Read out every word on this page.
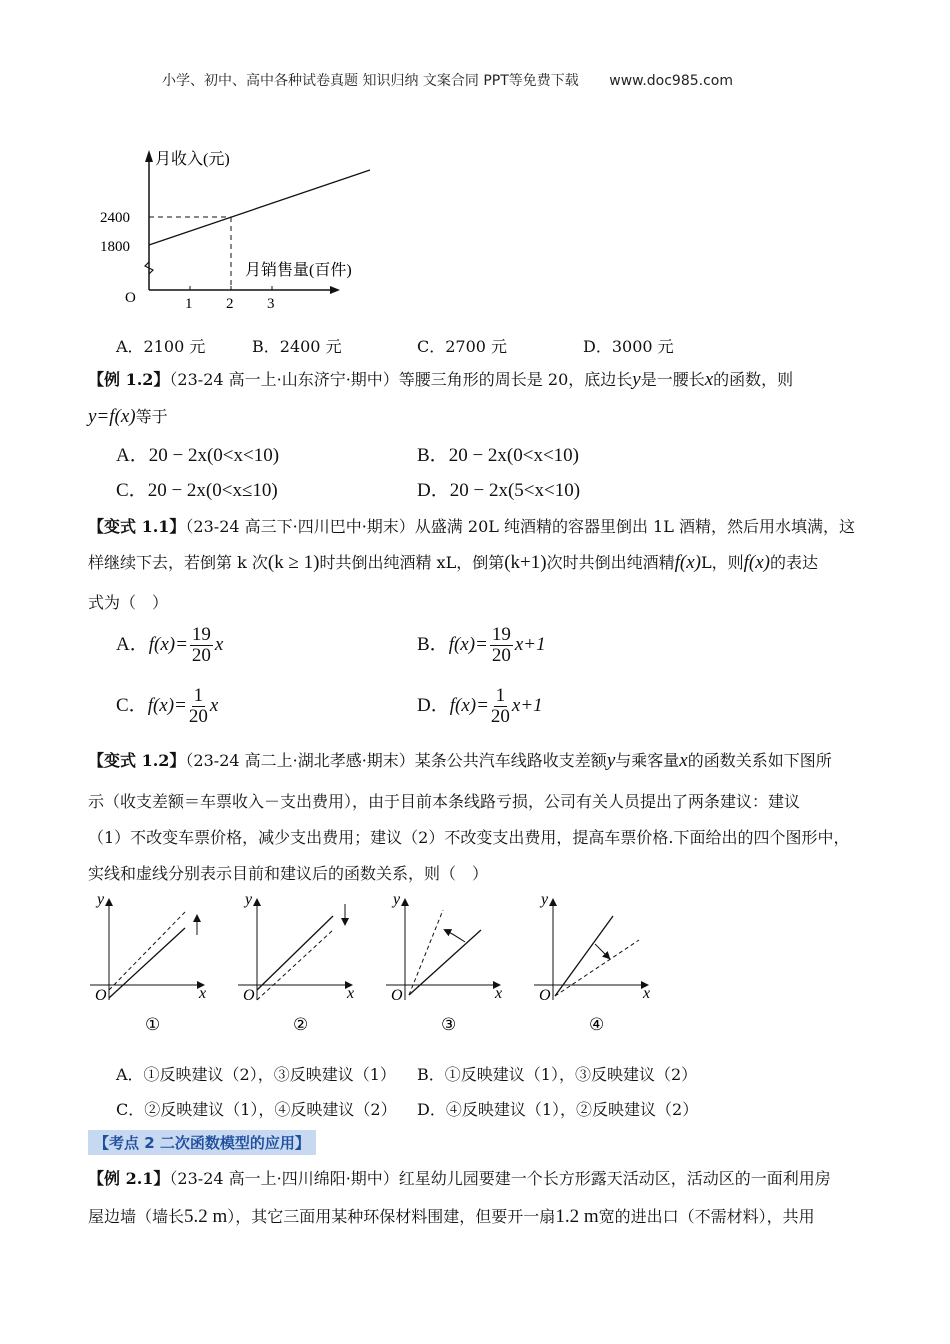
小学、初中、高中各种试卷真题 知识归纳 文案合同 PPT等免费下载 www.doc985.com
月收入(元)
月销售量(百件)
2400
1800
O	1 2 3
A．2100 元	B．2400 元	C．2700 元	D．3000 元
【例 1.2】（23-24 高一上·山东济宁·期中）等腰三角形的周长是 20，底边长y是一腰长x的函数，则
y=f(x)等于
A．20 − 2x(0<x<10)	B．20 − 2x(0<x<10)
C．20 − 2x(0<x≤10)	D．20 − 2x(5<x<10)
【变式 1.1】（23-24 高三下·四川巴中·期末）从盛满 20L 纯酒精的容器里倒出 1L 酒精，然后用水填满，这
样继续下去，若倒第 k 次(k ≥ 1)时共倒出纯酒精 xL，倒第(k+1)次时共倒出纯酒精f(x)L，则f(x)的表达
式为（　）
A．$f(x)= \frac{19}{20}$ x	B．$f(x)= \frac{19}{20} x+1$
C．$f(x)= \frac{1}{20}$ x	D．$f(x)= \frac{1}{20} x+1$
【变式 1.2】（23-24 高二上·湖北孝感·期末）某条公共汽车线路收支差额y与乘客量x的函数关系如下图所
示（收支差额＝车票收入－支出费用），由于目前本条线路亏损，公司有关人员提出了两条建议：建议
（1）不改变车票价格，减少支出费用；建议（2）不改变支出费用，提高车票价格.下面给出的四个图形中，
实线和虚线分别表示目前和建议后的函数关系，则（　）
O	x
y
①
O	x
y
②
O	x
y
③
O	x
y
④
A．①反映建议（2），③反映建议（1） B．①反映建议（1），③反映建议（2）
C．②反映建议（1），④反映建议（2） D．④反映建议（1），②反映建议（2）
【考点 2 二次函数模型的应用】
【例 2.1】（23-24 高一上·四川绵阳·期中）红星幼儿园要建一个长方形露天活动区，活动区的一面利用房
屋边墙（墙长5.2 m），其它三面用某种环保材料围建，但要开一扇1.2 m宽的进出口（不需材料），共用
